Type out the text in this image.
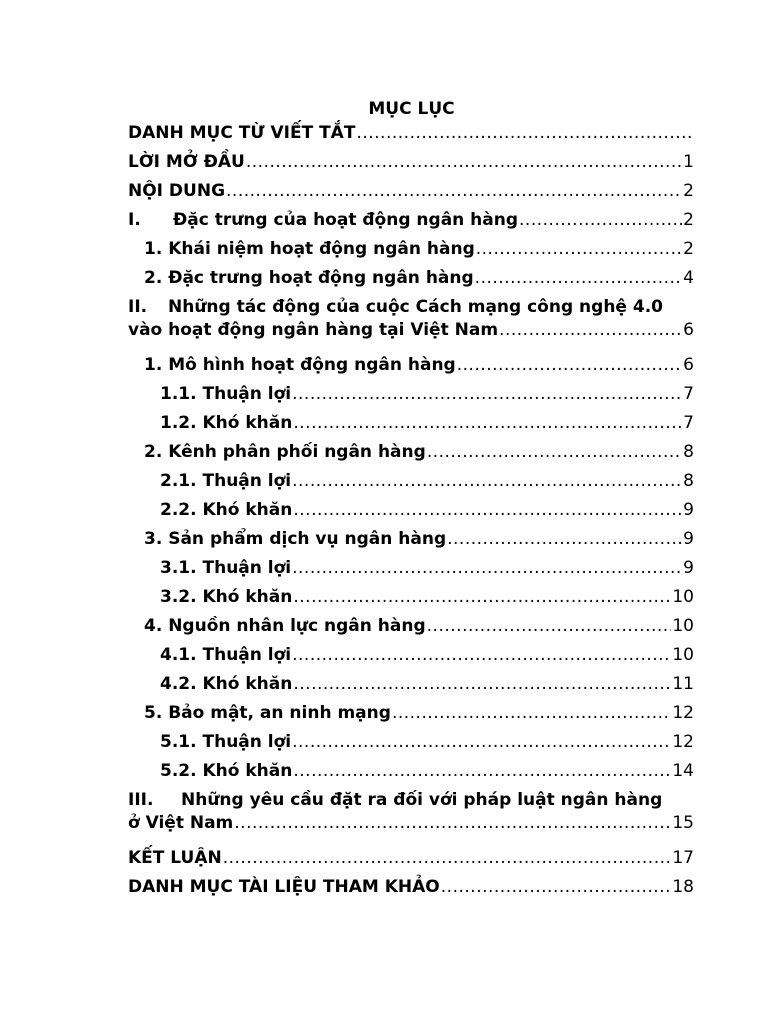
MỤC LỤC
DANH MỤC TỪ VIẾT TẮT
.....
LỜI MỞ ĐẦU .....	1
NỘI DUNG .....	2
I. Đặc trưng của hoạt động ngân hàng .....	2
1. Khái niệm hoạt động ngân hàng .....	2
2. Đặc trưng hoạt động ngân hàng .....	4
II.	Những tác động của cuộc Cách mạng công nghệ 4.0
vào hoạt động ngân hàng tại Việt Nam .....	6
1. Mô hình hoạt động ngân hàng .....	6
1.1. Thuận lợi .....	7
1.2. Khó khăn .....	7
2. Kênh phân phối ngân hàng .....	8
2.1. Thuận lợi .....	8
2.2. Khó khăn .....	9
3. Sản phẩm dịch vụ ngân hàng .....	9
3.1. Thuận lợi .....	9
3.2. Khó khăn .....	10
4. Nguồn nhân lực ngân hàng .....	10
4.1. Thuận lợi .....	10
4.2. Khó khăn .....	11
5. Bảo mật, an ninh mạng .....	12
5.1. Thuận lợi .....	12
5.2. Khó khăn .....	14
III.	Những yêu cầu đặt ra đối với pháp luật ngân hàng
ở Việt Nam .....	15
KẾT LUẬN .....	17
DANH MỤC TÀI LIỆU THAM KHẢO .....	18
